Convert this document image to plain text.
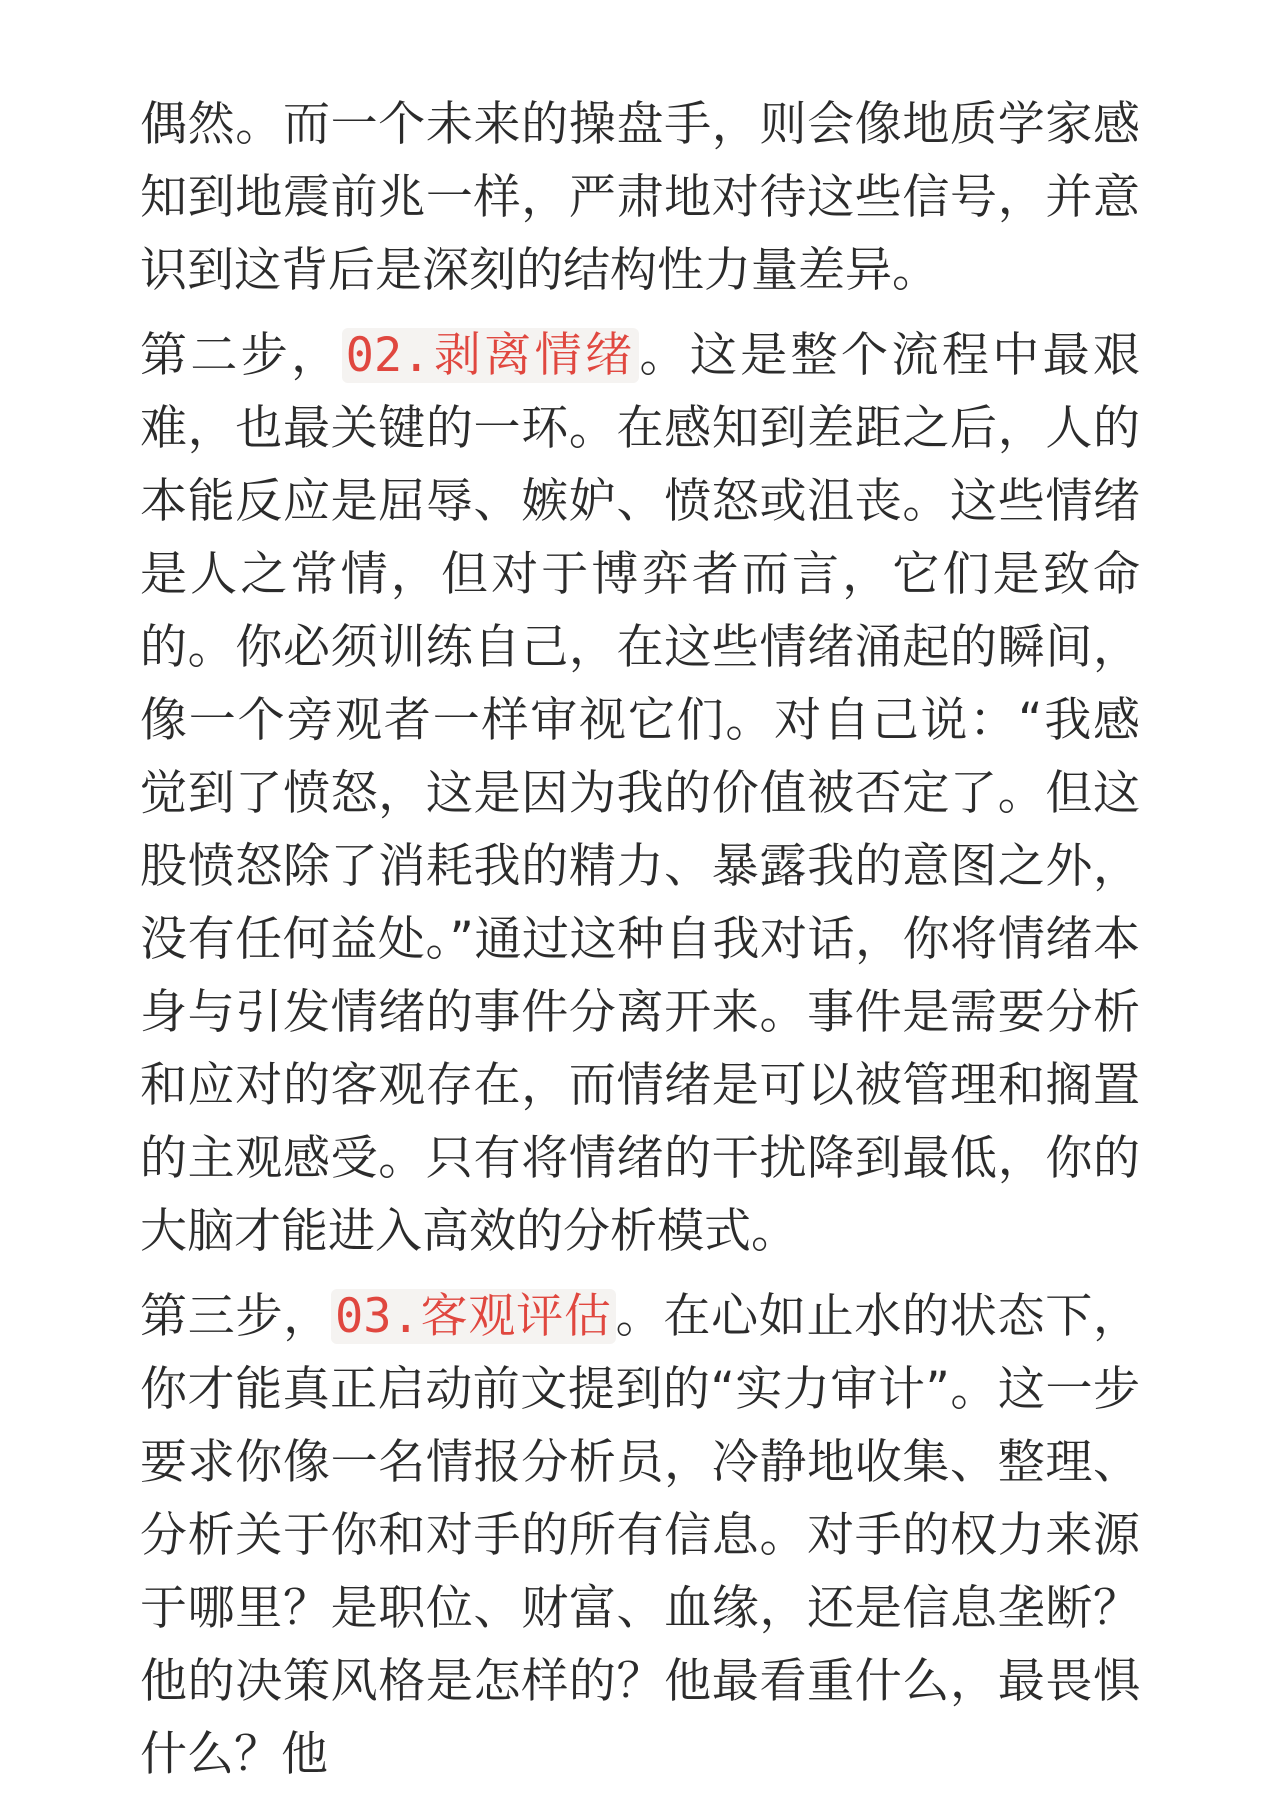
偶然。而一个未来的操盘手，则会像地质学家感知到地震前兆一样，严肃地对待这些信号，并意识到这背后是深刻的结构性力量差异。

第二步，02.剥离情绪。这是整个流程中最艰难，也最关键的一环。在感知到差距之后，人的本能反应是屈辱、嫉妒、愤怒或沮丧。这些情绪是人之常情，但对于博弈者而言，它们是致命的。你必须训练自己，在这些情绪涌起的瞬间，像一个旁观者一样审视它们。对自己说：“我感觉到了愤怒，这是因为我的价值被否定了。但这股愤怒除了消耗我的精力、暴露我的意图之外，没有任何益处。”通过这种自我对话，你将情绪本身与引发情绪的事件分离开来。事件是需要分析和应对的客观存在，而情绪是可以被管理和搁置的主观感受。只有将情绪的干扰降到最低，你的大脑才能进入高效的分析模式。

第三步，03.客观评估。在心如止水的状态下，你才能真正启动前文提到的“实力审计”。这一步要求你像一名情报分析员，冷静地收集、整理、分析关于你和对手的所有信息。对手的权力来源于哪里？是职位、财富、血缘，还是信息垄断？他的决策风格是怎样的？他最看重什么，最畏惧什么？他
